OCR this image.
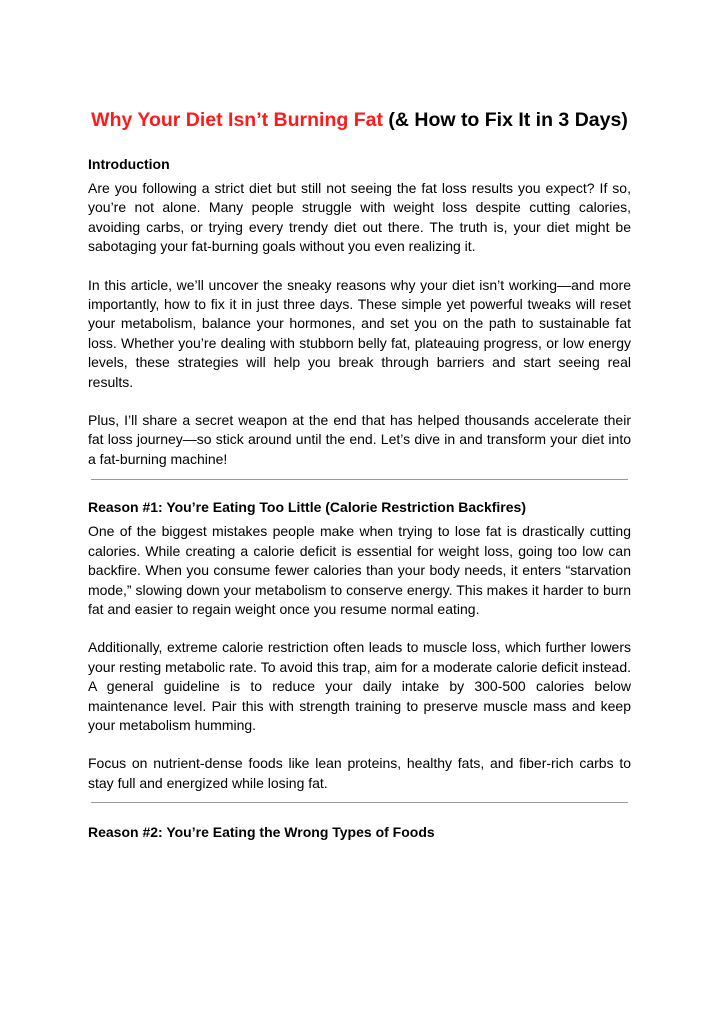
Why Your Diet Isn’t Burning Fat (& How to Fix It in 3 Days)
Introduction

Are you following a strict diet but still not seeing the fat loss results you expect? If so, you’re not alone. Many people struggle with weight loss despite cutting calories, avoiding carbs, or trying every trendy diet out there. The truth is, your diet might be sabotaging your fat-burning goals without you even realizing it.

In this article, we’ll uncover the sneaky reasons why your diet isn’t working—and more importantly, how to fix it in just three days. These simple yet powerful tweaks will reset your metabolism, balance your hormones, and set you on the path to sustainable fat loss. Whether you’re dealing with stubborn belly fat, plateauing progress, or low energy levels, these strategies will help you break through barriers and start seeing real results.

Plus, I’ll share a secret weapon at the end that has helped thousands accelerate their fat loss journey—so stick around until the end. Let’s dive in and transform your diet into a fat-burning machine!

Reason #1: You’re Eating Too Little (Calorie Restriction Backfires)

One of the biggest mistakes people make when trying to lose fat is drastically cutting calories. While creating a calorie deficit is essential for weight loss, going too low can backfire. When you consume fewer calories than your body needs, it enters “starvation mode,” slowing down your metabolism to conserve energy. This makes it harder to burn fat and easier to regain weight once you resume normal eating.

Additionally, extreme calorie restriction often leads to muscle loss, which further lowers your resting metabolic rate. To avoid this trap, aim for a moderate calorie deficit instead. A general guideline is to reduce your daily intake by 300-500 calories below maintenance level. Pair this with strength training to preserve muscle mass and keep your metabolism humming.

Focus on nutrient-dense foods like lean proteins, healthy fats, and fiber-rich carbs to stay full and energized while losing fat.

Reason #2: You’re Eating the Wrong Types of Foods
